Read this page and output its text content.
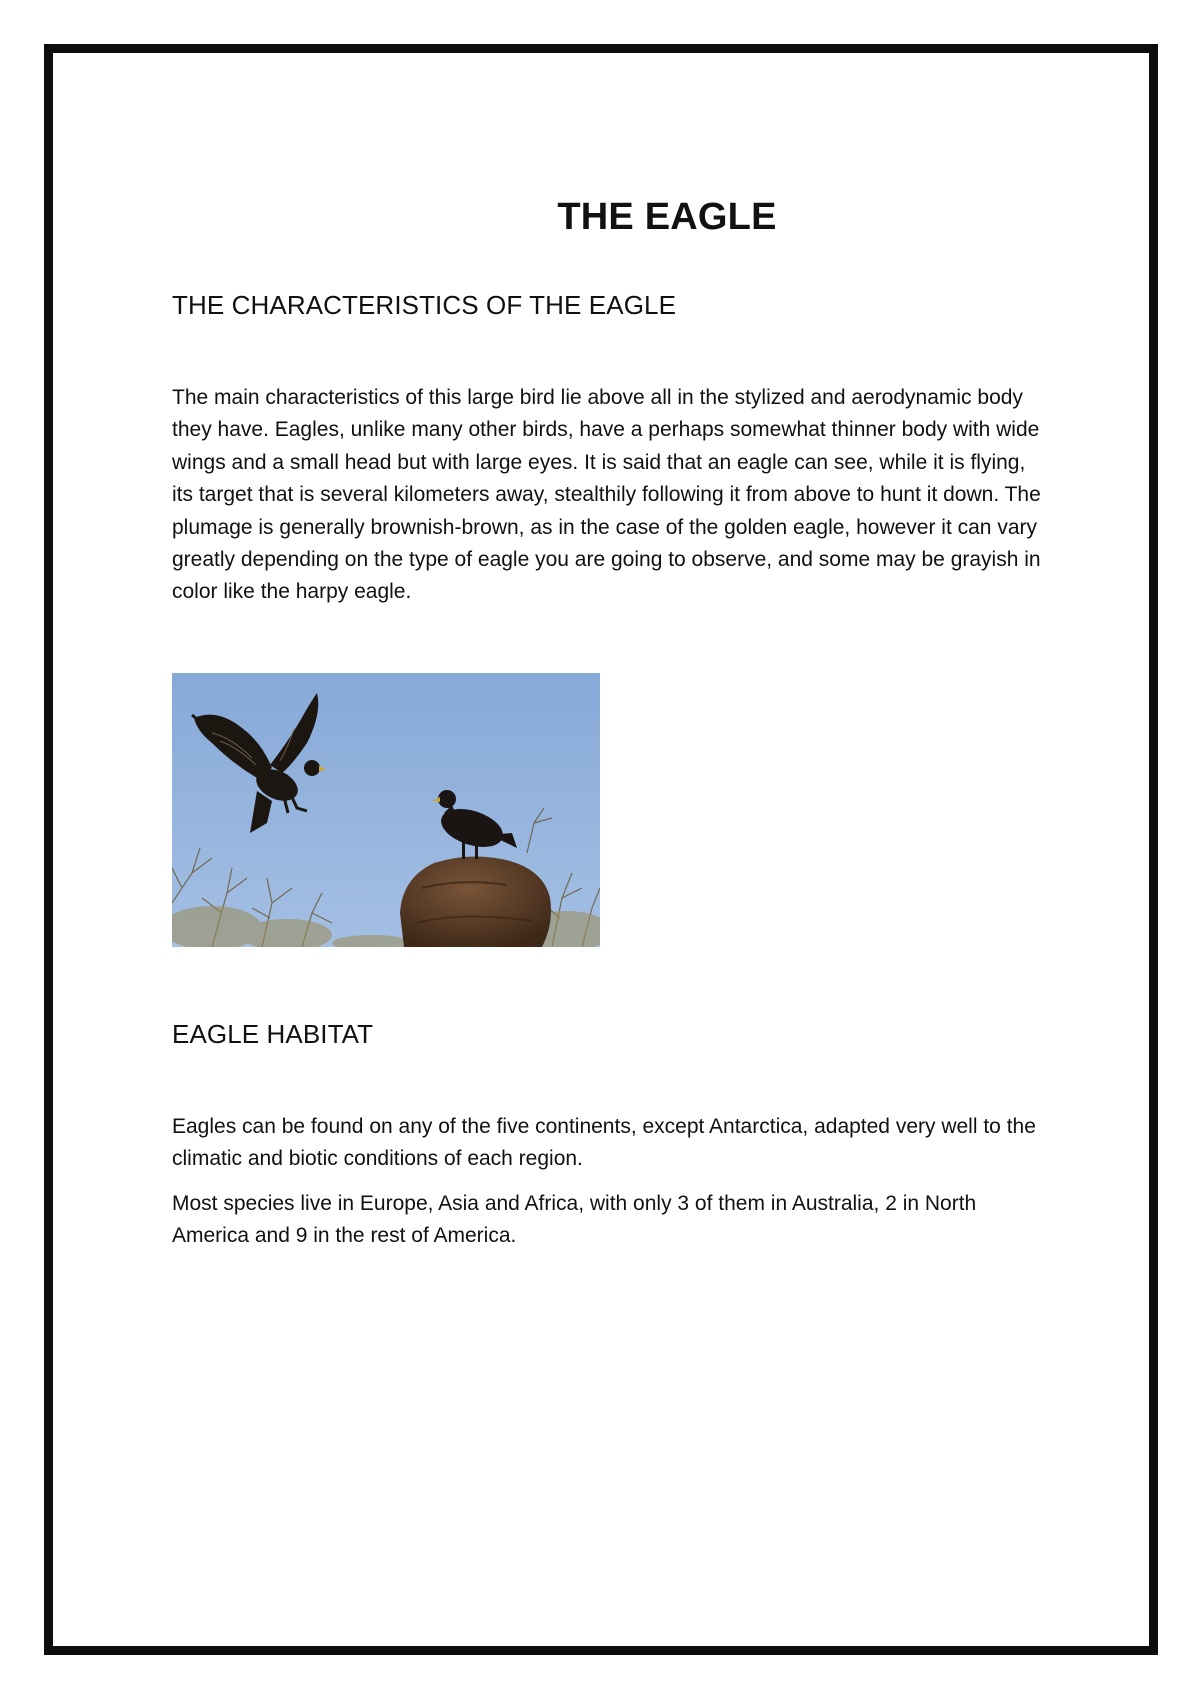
THE EAGLE
THE CHARACTERISTICS OF THE EAGLE

The main characteristics of this large bird lie above all in the stylized and aerodynamic body they have. Eagles, unlike many other birds, have a perhaps somewhat thinner body with wide wings and a small head but with large eyes. It is said that an eagle can see, while it is flying, its target that is several kilometers away, stealthily following it from above to hunt it down. The plumage is generally brownish-brown, as in the case of the golden eagle, however it can vary greatly depending on the type of eagle you are going to observe, and some may be grayish in color like the harpy eagle.

EAGLE HABITAT

Eagles can be found on any of the five continents, except Antarctica, adapted very well to the climatic and biotic conditions of each region.

Most species live in Europe, Asia and Africa, with only 3 of them in Australia, 2 in North America and 9 in the rest of America.
